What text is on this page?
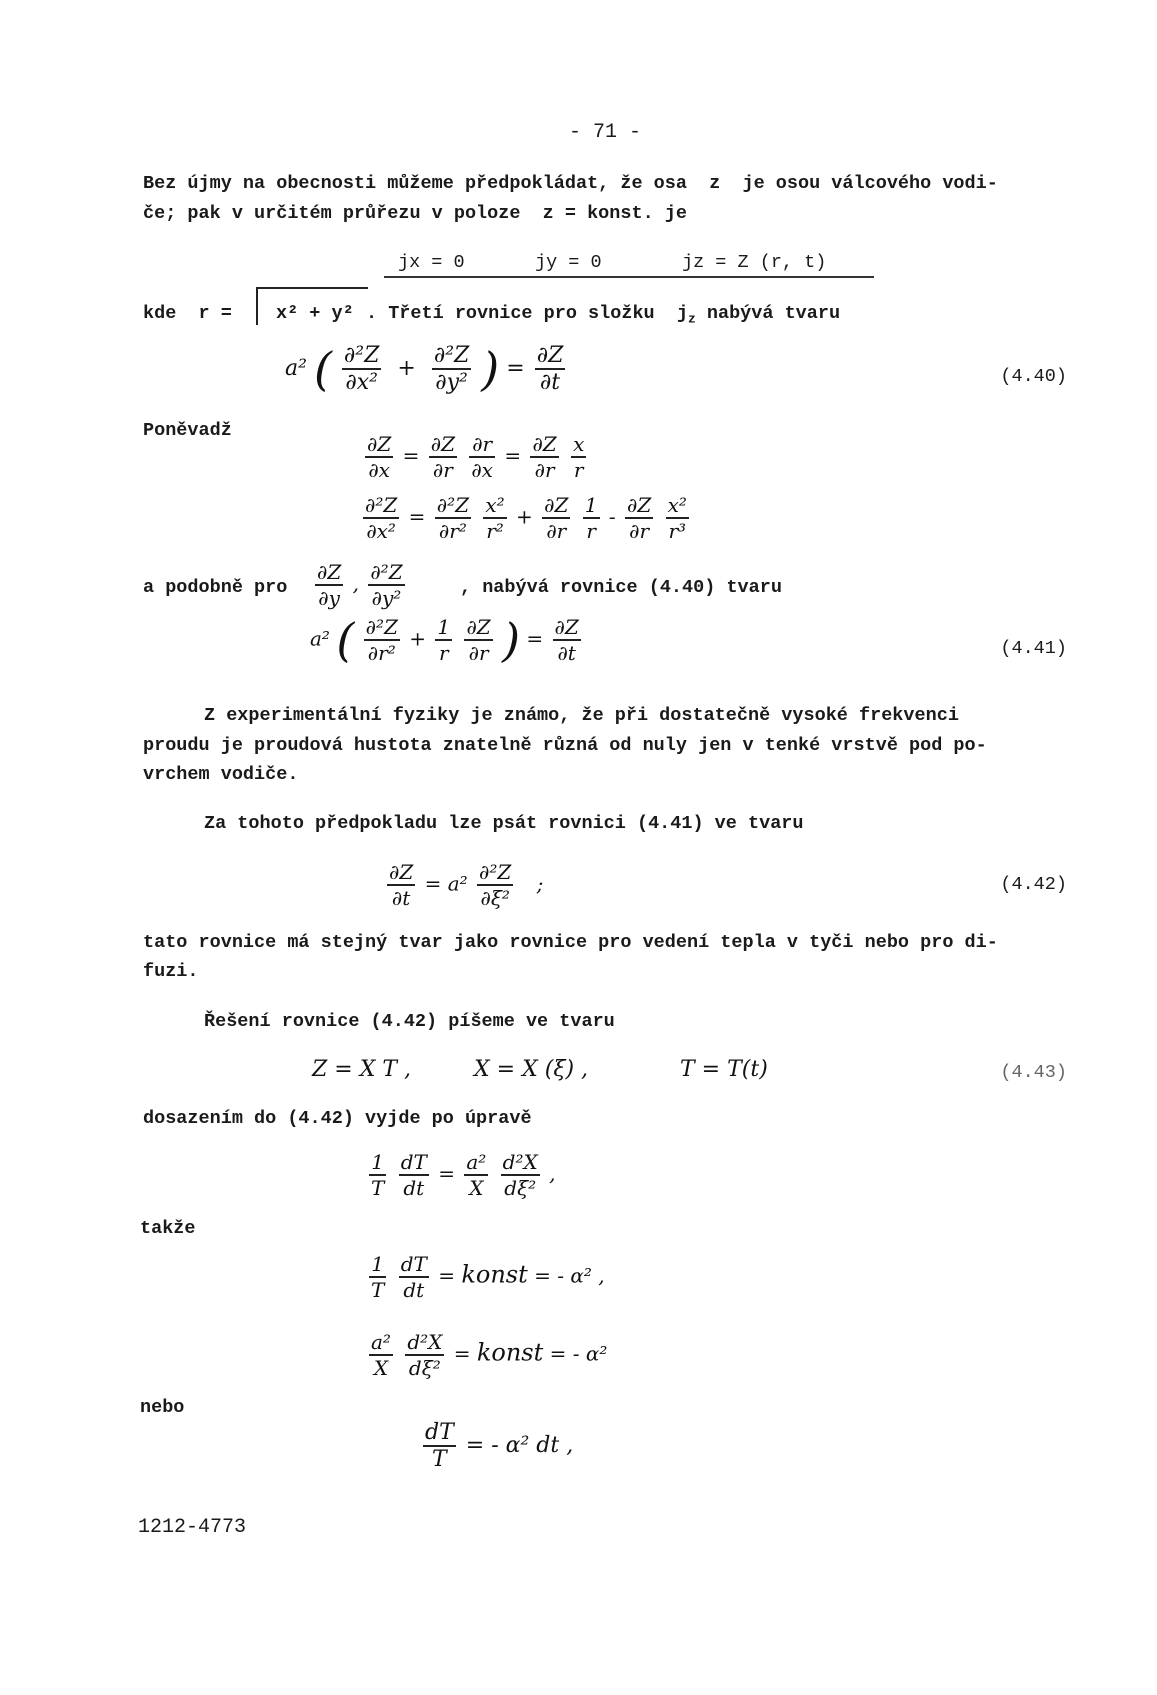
- 71 -
Bez újmy na obecnosti můžeme předpokládat, že osa  z  je osou válcového vodi-
če; pak v určitém průřezu v poloze  z = konst. je
jx = 0	jy = 0	jz = Z (r, t)
kde  r = x² + y² . Třetí rovnice pro složku  $j_z$ nabývá tvaru
a² ( $\frac{\text{∂²Z}}{\text{∂x²}} + \frac{\text{∂²Z}}{\text{∂y²}}$ ) = $\frac{\partial Z}{\partial t}$	(4.40)
Poněvadž
$\frac{\partial Z}{\partial x} = \frac{\partial Z}{\partial r}$
$\frac{\partial r}{\partial x} = \frac{\partial Z}{\partial r}$
$\frac{x}{r}$
$\frac{\text{∂²Z}}{\text{∂x²}} = \frac{\text{∂²Z}}{\text{∂r²}}$
$\frac{\text{x²}}{\text{r²}} + \frac{\partial Z}{\partial r}$
$\frac{1}{r} - \frac{\partial Z}{\partial r}$
$\frac{\text{x²}}{\text{r³}}$
a podobně pro $\frac{\partial Z}{\partial y}$ , $\frac{\text{∂²Z}}{\text{∂y²}}$	, nabývá rovnice (4.40) tvaru
a² ( $\frac{\text{∂²Z}}{\text{∂r²}} + \frac{1}{r}$
$\frac{\partial Z}{\partial r}$ ) = $\frac{\partial Z}{\partial t}$	(4.41)
Z experimentální fyziky je známo, že při dostatečně vysoké frekvenci
proudu je proudová hustota znatelně různá od nuly jen v tenké vrstvě pod po-
vrchem vodiče.
Za tohoto předpokladu lze psát rovnici (4.41) ve tvaru
$\frac{\partial Z}{\partial t} = a^2 \frac{\text{∂²Z}}{\text{∂ξ²}}$ ;	(4.42)
tato rovnice má stejný tvar jako rovnice pro vedení tepla v tyči nebo pro di-
fuzi.
Řešení rovnice (4.42) píšeme ve tvaru
Z = X T ,	X = X (ξ) ,	T = T(t)	(4.43)
dosazením do (4.42) vyjde po úpravě
$\frac{1}{T}$
$\frac{dT}{dt} = \frac{\text{a²}}{X}$
$\frac{\text{d²X}}{\text{dξ²}}$ ,
takže
$\frac{1}{T}$
$\frac{dT}{dt}$ = konst = - α² ,
$\frac{\text{a²}}{X}$
$\frac{\text{d²X}}{\text{dξ²}}$ = konst = - α²
nebo
$\frac{dT}{T}$ = - α² dt ,
1212-4773
